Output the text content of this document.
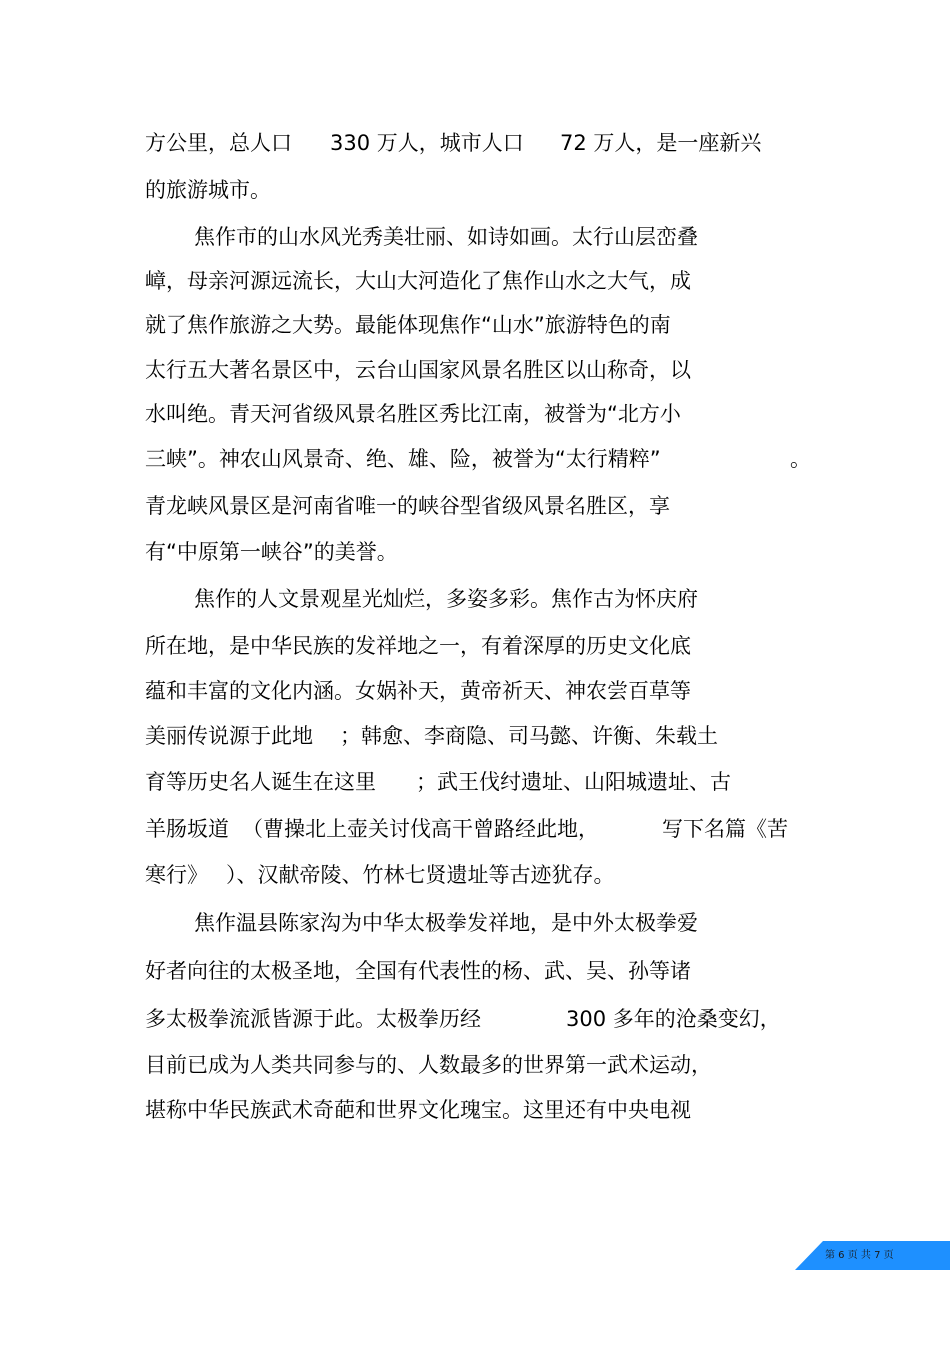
方公里，总人口 330 万人，城市人口 72 万人，是一座新兴
的旅游城市。
焦作市的山水风光秀美壮丽、如诗如画。太行山层峦叠
嶂，母亲河源远流长，大山大河造化了焦作山水之大气，成
就了焦作旅游之大势。最能体现焦作“山水”旅游特色的南
太行五大著名景区中，云台山国家风景名胜区以山称奇，以
水叫绝。青天河省级风景名胜区秀比江南，被誉为“北方小
三峡”。神农山风景奇、绝、雄、险，被誉为“太行精粹”	。
青龙峡风景区是河南省唯一的峡谷型省级风景名胜区，享
有“中原第一峡谷”的美誉。
焦作的人文景观星光灿烂，多姿多彩。焦作古为怀庆府
所在地，是中华民族的发祥地之一，有着深厚的历史文化底
蕴和丰富的文化内涵。女娲补天，黄帝祈天、神农尝百草等
美丽传说源于此地 ；韩愈、李商隐、司马懿、许衡、朱载土
育等历史名人诞生在这里 ；武王伐纣遗址、山阳城遗址、古
羊肠坂道 （曹操北上壶关讨伐高干曾路经此地，	写下名篇《苦
寒行》 ）、汉献帝陵、竹林七贤遗址等古迹犹存。
焦作温县陈家沟为中华太极拳发祥地，是中外太极拳爱
好者向往的太极圣地，全国有代表性的杨、武、吴、孙等诸
多太极拳流派皆源于此。太极拳历经	300 多年的沧桑变幻，
目前已成为人类共同参与的、人数最多的世界第一武术运动，
堪称中华民族武术奇葩和世界文化瑰宝。这里还有中央电视
第 6 页 共 7 页
